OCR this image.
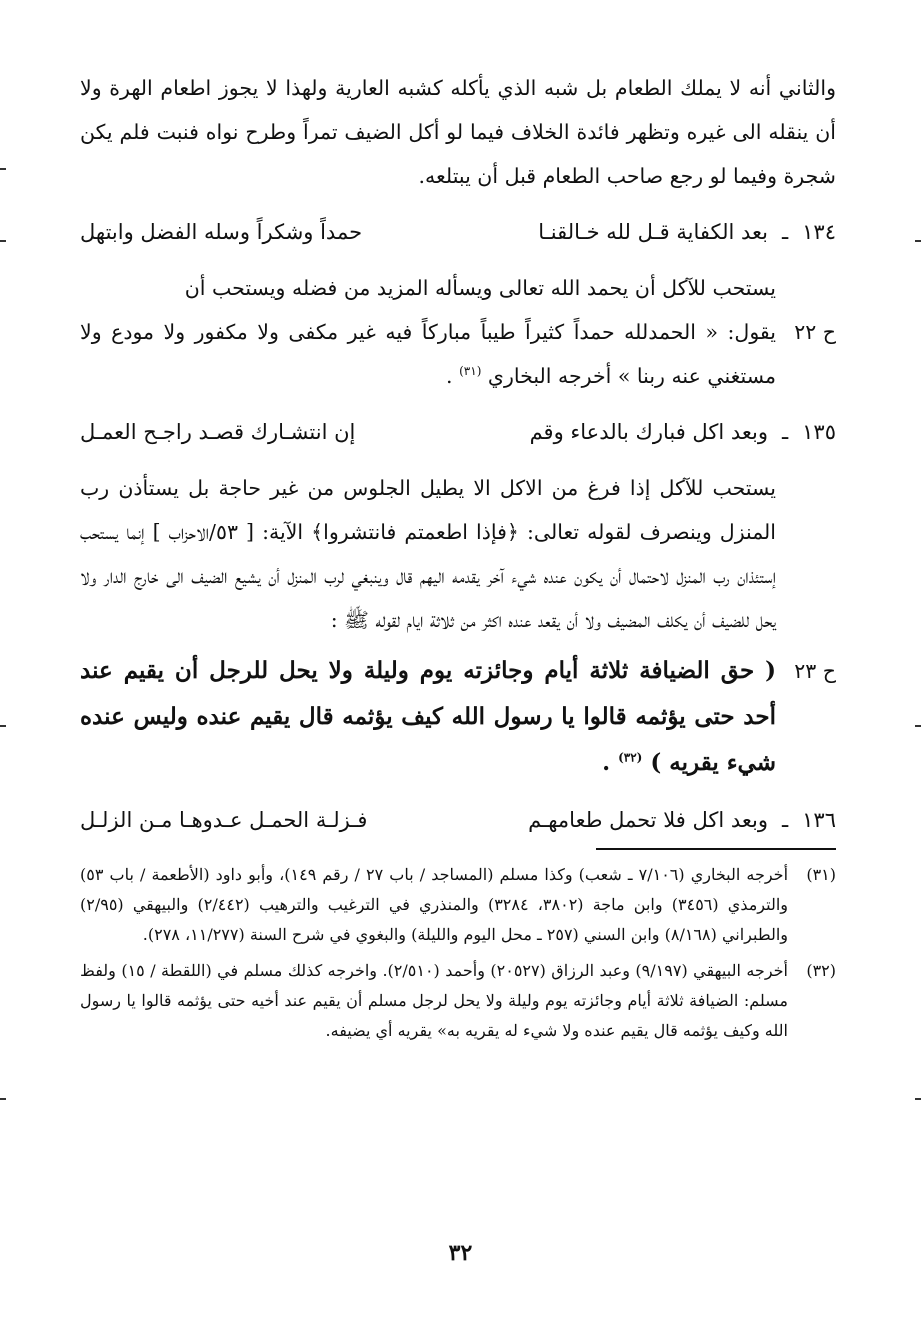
والثاني أنه لا يملك الطعام بل شبه الذي يأكله كشبه العارية ولهذا لا يجوز اطعام الهرة ولا أن ينقله الى غيره وتظهر فائدة الخلاف فيما لو أكل الضيف تمراً وطرح نواه فنبت فلم يكن شجرة وفيما لو رجع صاحب الطعام قبل أن يبتلعه.

١٣٤
ـ
بعد الكفاية قـل لله خـالقنـا
حمداً وشكراً وسله الفضل وابتهل
يستحب للآكل أن يحمد الله تعالى ويسأله المزيد من فضله ويستحب أن
ح ٢٢
يقول: « الحمدلله حمداً كثيراً طيباً مباركاً فيه غير مكفى ولا مكفور ولا مودع ولا مستغني عنه ربنا » أخرجه البخاري $^{(٣١)}$ .
١٣٥
ـ
وبعد اكل فبارك بالدعاء وقم
إن انتشـارك قصـد راجـح العمـل
يستحب للآكل إذا فرغ من الاكل الا يطيل الجلوس من غير حاجة بل يستأذن رب المنزل وينصرف لقوله تعالى: ﴿فإذا اطعمتم فانتشروا﴾ الآية: [ ٥٣/الاحزاب ] إنما يستحب إستئذان رب المنزل لاحتمال أن يكون عنده شيء آخر يقدمه اليهم قال وينبغي لرب المنزل أن يشيع الضيف الى خارج الدار ولا يحل للضيف أن يكلف المضيف ولا أن يقعد عنده اكثر من ثلاثة ايام لقوله ﷺ :
ح ٢٣
( حق الضيافة ثلاثة أيام وجائزته يوم وليلة ولا يحل للرجل أن يقيم عند أحد حتى يؤثمه قالوا يا رسول الله كيف يؤثمه قال يقيم عنده وليس عنده شيء يقريه ) $^{(٣٢)}$ .
١٣٦
ـ
وبعد اكل فلا تحمل طعامهـم
فـزلـة الحمـل عـدوهـا مـن الزلـل
(٣١)
أخرجه البخاري (٧/١٠٦ ـ شعب) وكذا مسلم (المساجد / باب ٢٧ / رقم ١٤٩)، وأبو داود (الأطعمة / باب ٥٣) والترمذي (٣٤٥٦) وابن ماجة (٣٨٠٢، ٣٢٨٤) والمنذري في الترغيب والترهيب (٢/٤٤٢) والبيهقي (٢/٩٥) والطبراني (٨/١٦٨) وابن السني (٢٥٧ ـ محل اليوم والليلة) والبغوي في شرح السنة (١١/٢٧٧، ٢٧٨).
(٣٢)
أخرجه البيهقي (٩/١٩٧) وعبد الرزاق (٢٠٥٢٧) وأحمد (٢/٥١٠). واخرجه كذلك مسلم في (اللقطة / ١٥) ولفظ مسلم: الضيافة ثلاثة أيام وجائزته يوم وليلة ولا يحل لرجل مسلم أن يقيم عند أخيه حتى يؤثمه قالوا يا رسول الله وكيف يؤثمه قال يقيم عنده ولا شيء له يقريه به» يقريه أي يضيفه.
٣٢
